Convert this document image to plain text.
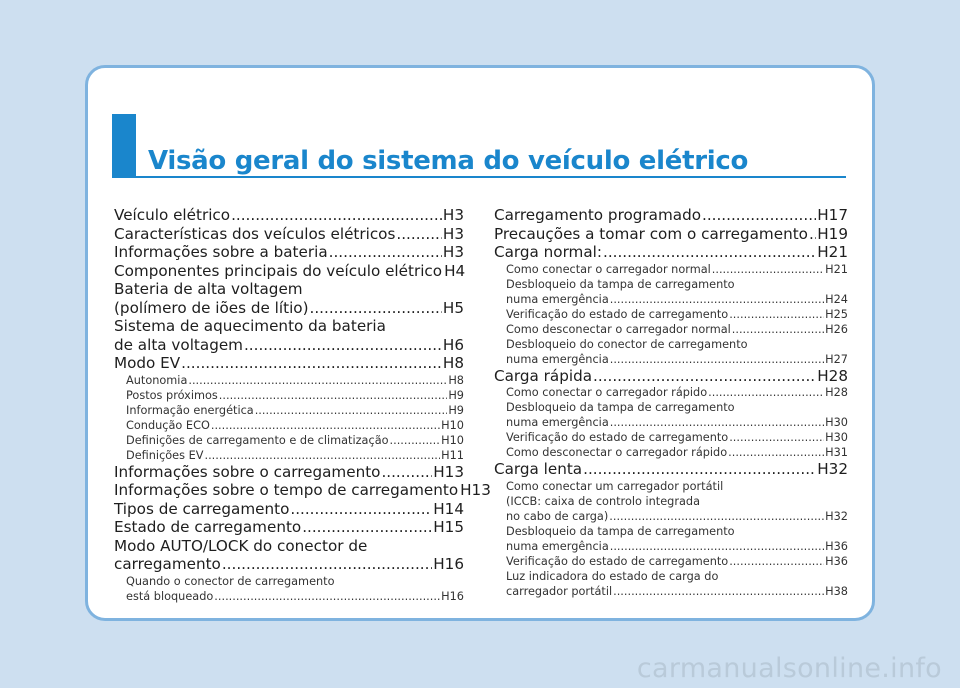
Visão geral do sistema do veículo elétrico
Veículo elétrico .....	H3
Características dos veículos elétricos .....	H3
Informações sobre a bateria .....	H3
Componentes principais do veículo elétrico H4
Bateria de alta voltagem
(polímero de iões de lítio) .....	H5
Sistema de aquecimento da bateria
de alta voltagem .....	H6
Modo EV .....	H8
Autonomia .....	H8
Postos próximos .....	H9
Informação energética .....	H9
Condução ECO .....	H10
Definições de carregamento e de climatização .....	H10
Definições EV .....	H11
Informações sobre o carregamento .....	H13
Informações sobre o tempo de carregamento H13
Tipos de carregamento .....	H14
Estado de carregamento .....	H15
Modo AUTO/LOCK do conector de
carregamento .....	H16
Quando o conector de carregamento
está bloqueado .....	H16
Carregamento programado .....	H17
Precauções a tomar com o carregamento ..... H19
Carga normal: .....	H21
Como conectar o carregador normal .....	H21
Desbloqueio da tampa de carregamento
numa emergência .....	H24
Verificação do estado de carregamento .....	H25
Como desconectar o carregador normal .....	H26
Desbloqueio do conector de carregamento
numa emergência .....	H27
Carga rápida .....	H28
Como conectar o carregador rápido .....	H28
Desbloqueio da tampa de carregamento
numa emergência .....	H30
Verificação do estado de carregamento .....	H30
Como desconectar o carregador rápido .....	H31
Carga lenta .....	H32
Como conectar um carregador portátil
(ICCB: caixa de controlo integrada
no cabo de carga) .....	H32
Desbloqueio da tampa de carregamento
numa emergência .....	H36
Verificação do estado de carregamento .....	H36
Luz indicadora do estado de carga do
carregador portátil .....	H38
carmanualsonline.info
